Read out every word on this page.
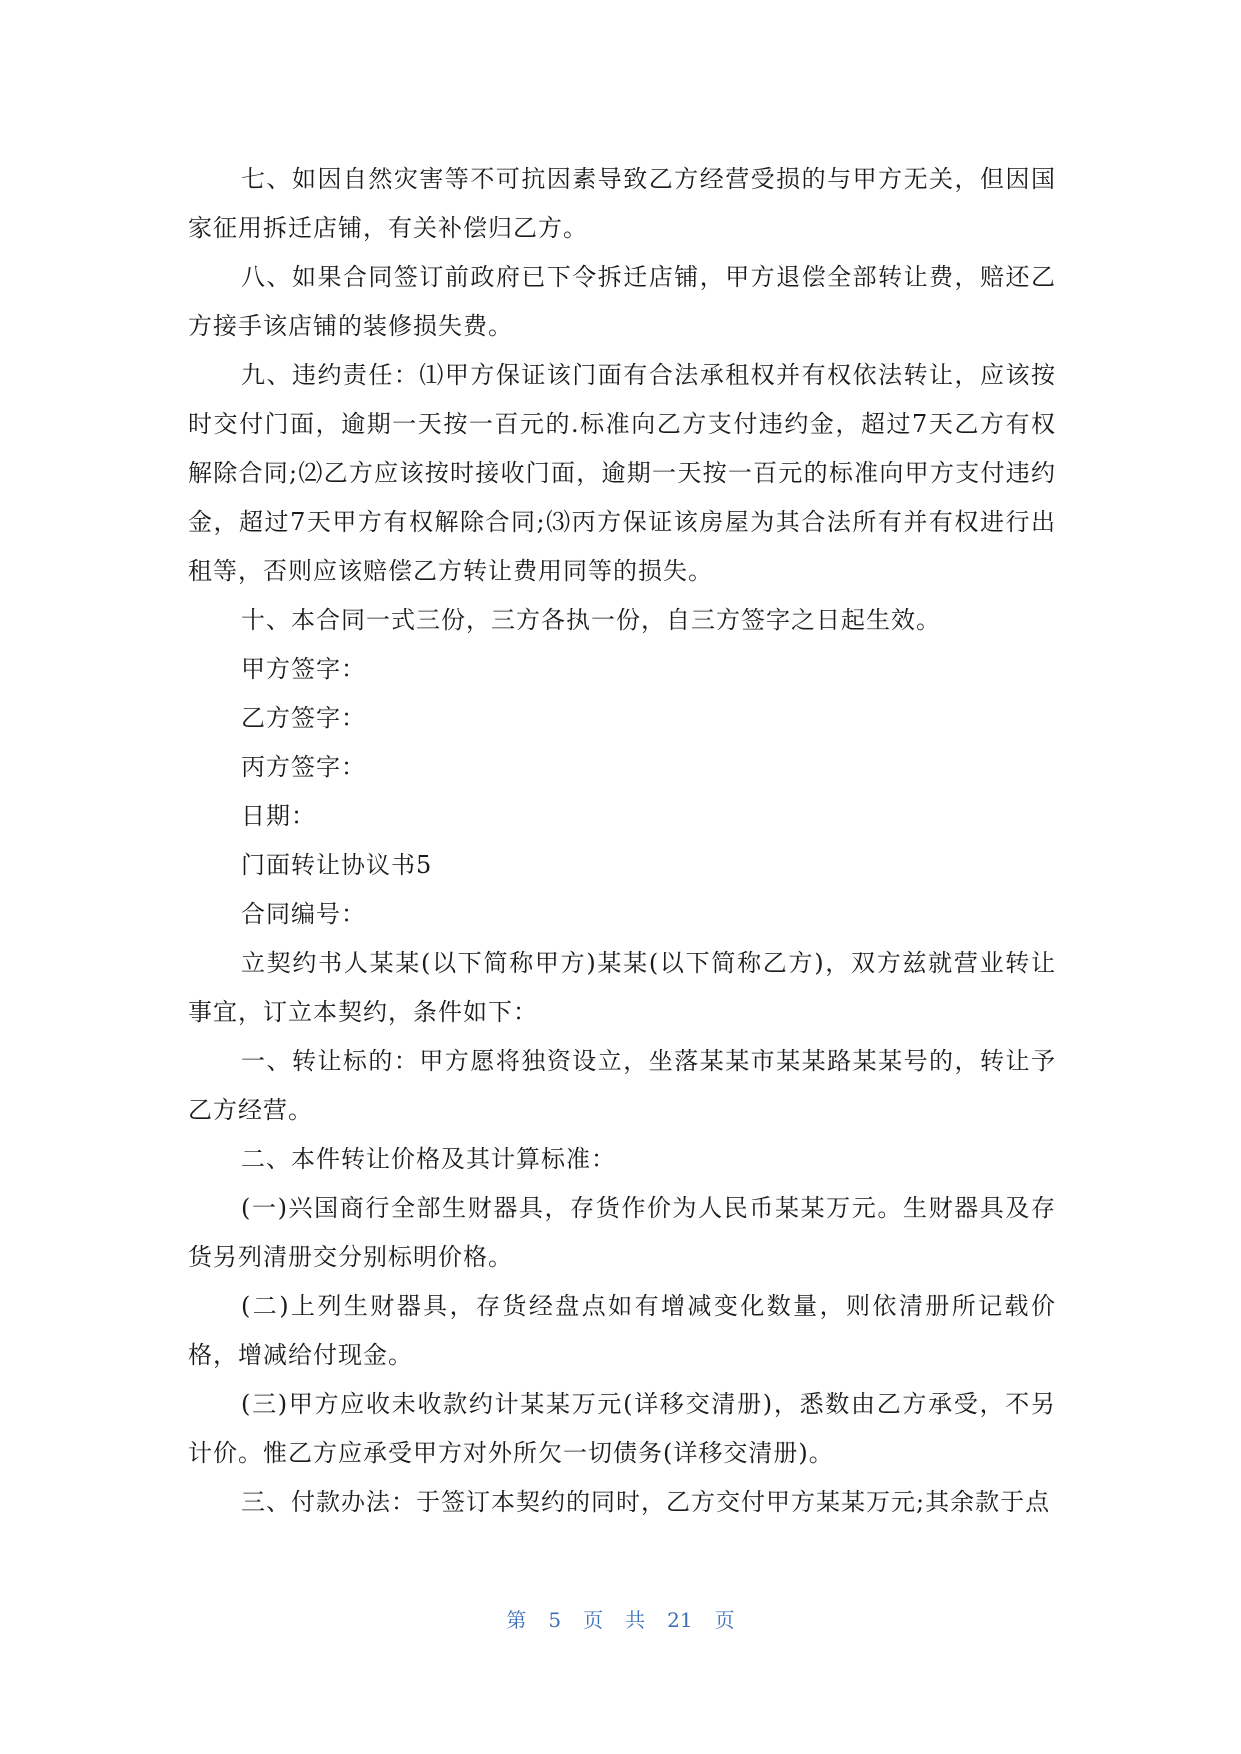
七、如因自然灾害等不可抗因素导致乙方经营受损的与甲方无关，但因国家征用拆迁店铺，有关补偿归乙方。

八、如果合同签订前政府已下令拆迁店铺，甲方退偿全部转让费，赔还乙方接手该店铺的装修损失费。

九、违约责任：⑴甲方保证该门面有合法承租权并有权依法转让，应该按时交付门面，逾期一天按一百元的.标准向乙方支付违约金，超过7天乙方有权解除合同;⑵乙方应该按时接收门面，逾期一天按一百元的标准向甲方支付违约金，超过7天甲方有权解除合同;⑶丙方保证该房屋为其合法所有并有权进行出租等，否则应该赔偿乙方转让费用同等的损失。

十、本合同一式三份，三方各执一份，自三方签字之日起生效。

甲方签字：

乙方签字：

丙方签字：

日期：

门面转让协议书5

合同编号：

立契约书人某某(以下简称甲方)某某(以下简称乙方)，双方兹就营业转让事宜，订立本契约，条件如下：

一、转让标的：甲方愿将独资设立，坐落某某市某某路某某号的，转让予乙方经营。

二、本件转让价格及其计算标准：

(一)兴国商行全部生财器具，存货作价为人民币某某万元。生财器具及存货另列清册交分别标明价格。

(二)上列生财器具，存货经盘点如有增减变化数量，则依清册所记载价格，增减给付现金。

(三)甲方应收未收款约计某某万元(详移交清册)，悉数由乙方承受，不另计价。惟乙方应承受甲方对外所欠一切债务(详移交清册)。

三、付款办法：于签订本契约的同时，乙方交付甲方某某万元;其余款于点

第 5 页 共 21 页
